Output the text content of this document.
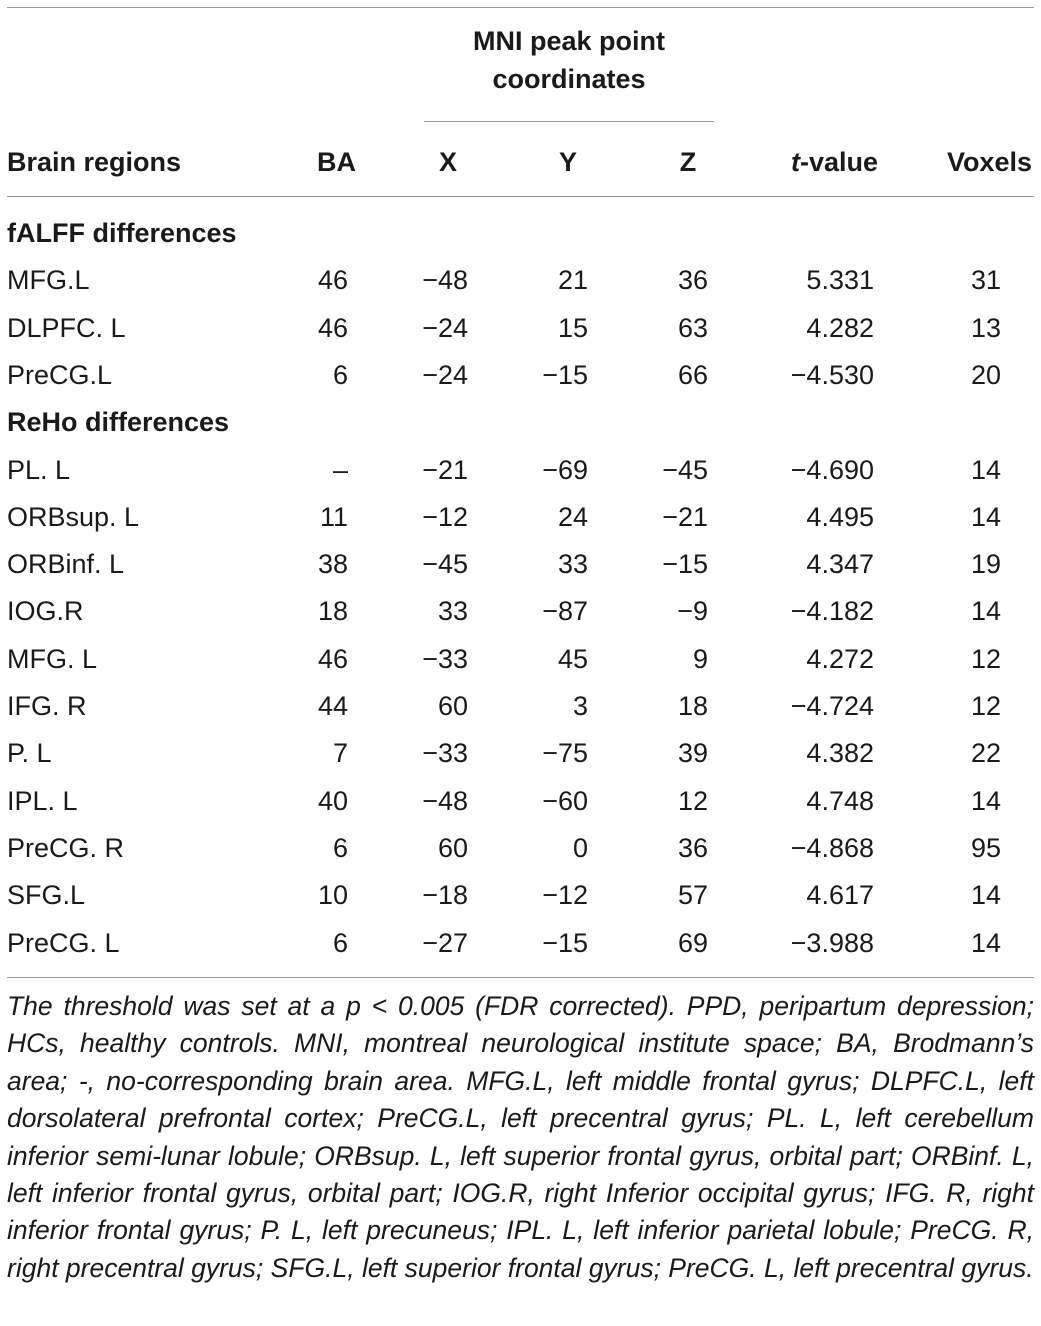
MNI peak point coordinates
Brain regions	BA	X	Y	Z	t-value	Voxels
fALFF differences
MFG.L	46	−48	21	36	5.331	31
DLPFC. L	46	−24	15	63	4.282	13
PreCG.L	6	−24	−15	66	−4.530	20
ReHo differences
PL. L	–	−21	−69	−45	−4.690	14
ORBsup. L	11	−12	24	−21	4.495	14
ORBinf. L	38	−45	33	−15	4.347	19
IOG.R	18	33	−87	−9	−4.182	14
MFG. L	46	−33	45	9	4.272	12
IFG. R	44	60	3	18	−4.724	12
P. L	7	−33	−75	39	4.382	22
IPL. L	40	−48	−60	12	4.748	14
PreCG. R	6	60	0	36	−4.868	95
SFG.L	10	−18	−12	57	4.617	14
PreCG. L	6	−27	−15	69	−3.988	14
The threshold was set at a p < 0.005 (FDR corrected). PPD, peripartum depression; HCs, healthy controls. MNI, montreal neurological institute space; BA, Brodmann’s area; -, no-corresponding brain area. MFG.L, left middle frontal gyrus; DLPFC.L, left dorsolateral prefrontal cortex; PreCG.L, left precentral gyrus; PL. L, left cerebellum inferior semi-lunar lobule; ORBsup. L, left superior frontal gyrus, orbital part; ORBinf. L, left inferior frontal gyrus, orbital part; IOG.R, right Inferior occipital gyrus; IFG. R, right inferior frontal gyrus; P. L, left precuneus; IPL. L, left inferior parietal lobule; PreCG. R, right precentral gyrus; SFG.L, left superior frontal gyrus; PreCG. L, left precentral gyrus.
